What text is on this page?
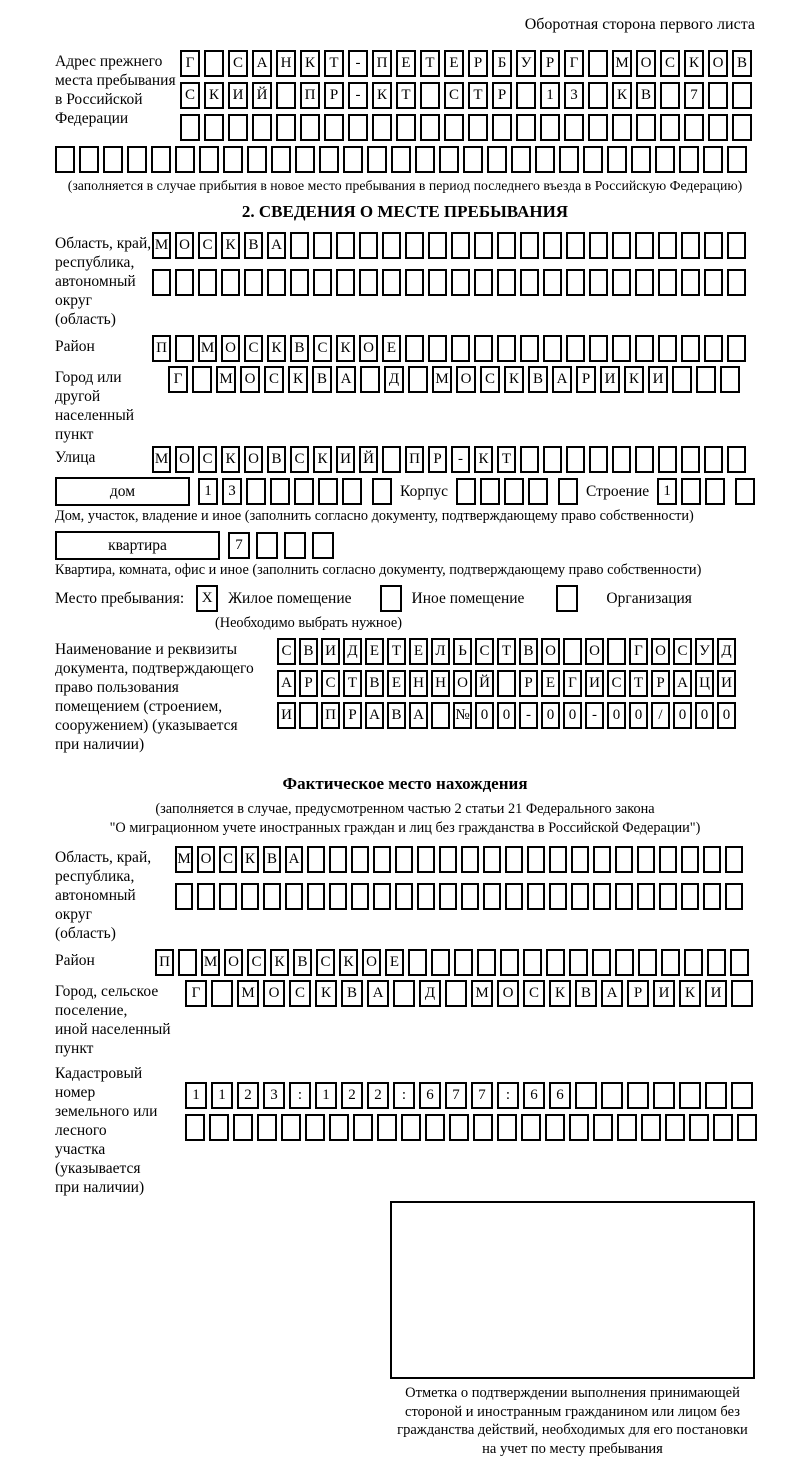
Оборотная сторона первого листа
Адрес прежнего
места пребывания
в Российской
Федерации
Г	С А Н К Т	-	П Е Т Е	Р	Б У Р	Г	М О С К О В
С К И Й	П Р	-	К Т	С Т	Р	1	3	К В	7
(заполняется в случае прибытия в новое место пребывания в период последнего въезда в Российскую Федерацию)
2. СВЕДЕНИЯ О МЕСТЕ ПРЕБЫВАНИЯ
Область, край,
республика,
автономный
округ (область)
М О С К В А
Район	П М О С К В С К О Е
Город или другой
населенный пункт
Г	М О С К В А	Д	М О С К В А Р И К И
Улица	М О С К О В С К И Й П Р	-	К Т
дом	1	3	Корпус	Строение 1
Дом, участок, владение и иное (заполнить согласно документу, подтверждающему право собственности)
квартира	7
Квартира, комната, офис и иное (заполнить согласно документу, подтверждающему право собственности)
Место пребывания:	X	Жилое помещение	Иное помещение	Организация
(Необходимо выбрать нужное)
Наименование и реквизиты
документа, подтверждающего
право пользования
помещением (строением,
сооружением) (указывается
при наличии)
С В И Д Е Т Е Л Ь С Т В О О	Г О С У Д
А Р С Т В Е Н Н О Й	Р Е Г И С Т Р А Ц И
И П Р А В А № 0 0	-	0 0	-	0 0	/	0 0 0
Фактическое место нахождения
(заполняется в случае, предусмотренном частью 2 статьи 21 Федерального закона
"О миграционном учете иностранных граждан и лиц без гражданства в Российской Федерации")
Область, край,
республика,
автономный округ
(область)
М О С К В А
Район	П М О С К В С К О Е
Город, сельское поселение,
иной населенный пункт
Г	М О	С	К	В	А	Д	М О	С	К	В	А	Р	И	К	И
Кадастровый номер
земельного или лесного
участка (указывается
при наличии)
1	1	2	3	:	1	2	2	:	6	7	7	:	6	6
Отметка о подтверждении выполнения принимающей
стороной и иностранным гражданином или лицом без
гражданства действий, необходимых для его постановки
на учет по месту пребывания
